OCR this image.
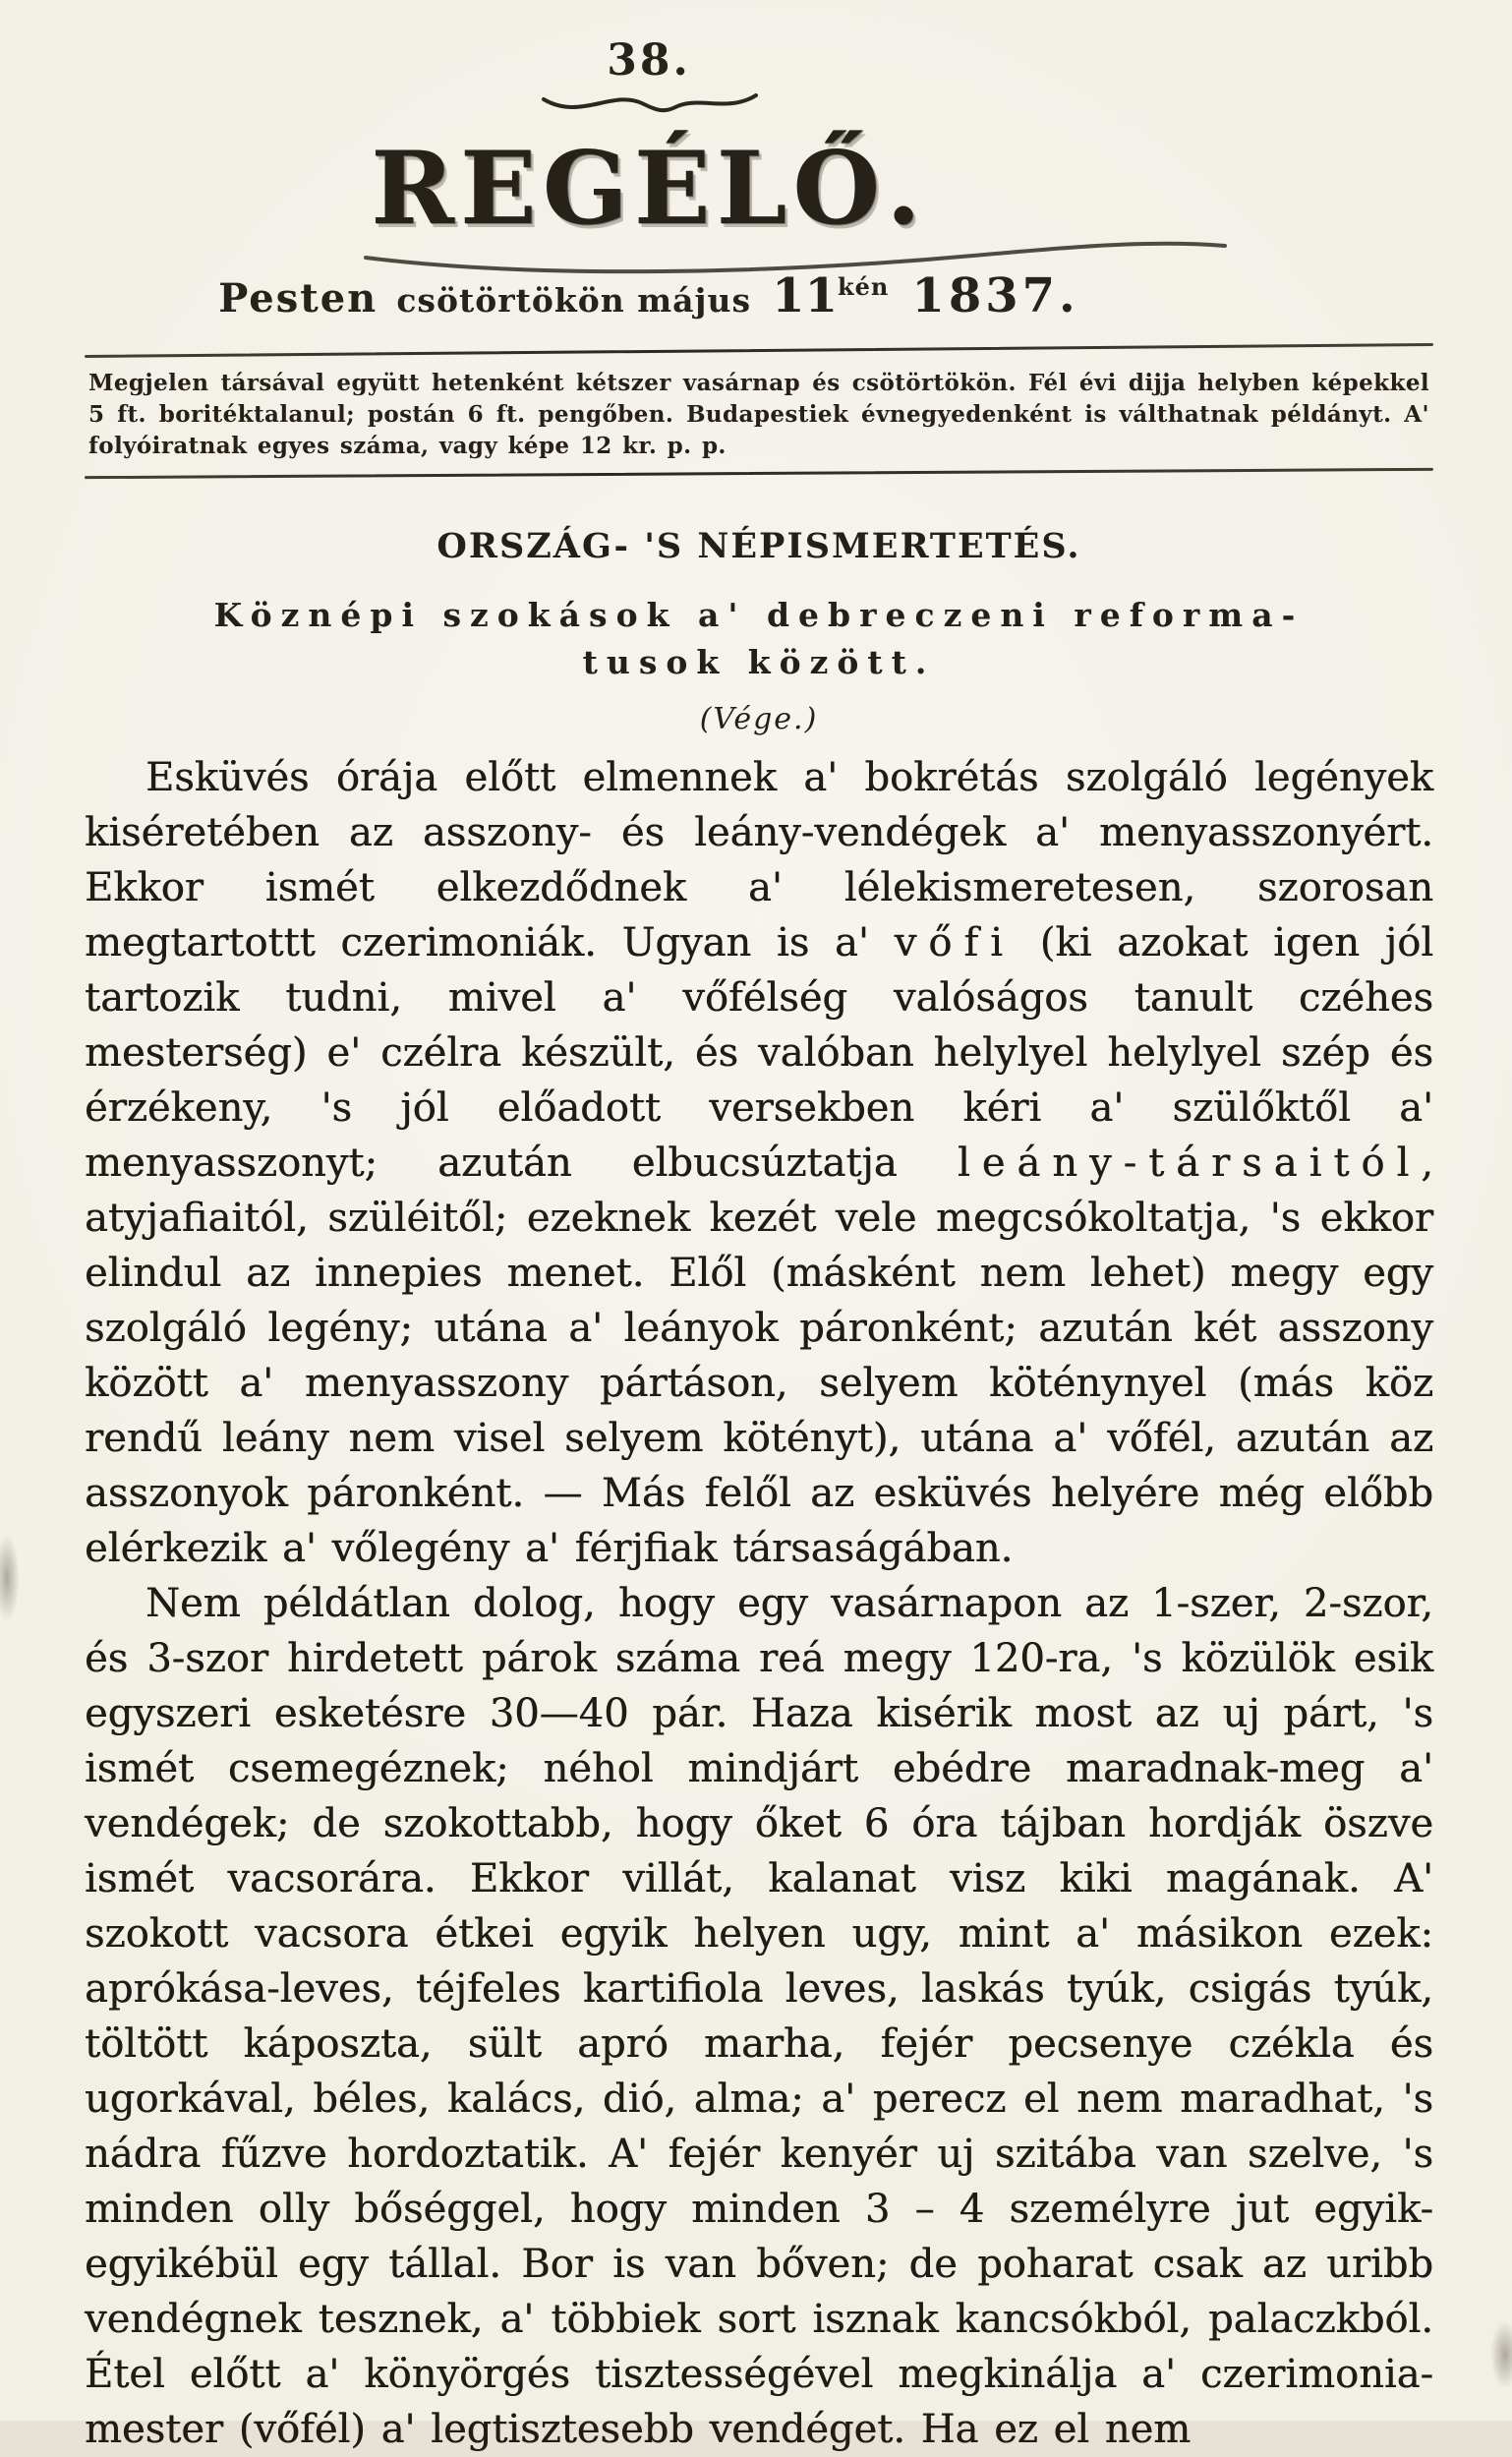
38.
REGÉLŐ.
Pesten csötörtökön május $11^{kén}$ 1837.

Megjelen társával együtt hetenként kétszer vasárnap és csötörtökön. Fél évi dijja helyben képekkel 5 ft. boritéktalanul; postán 6 ft. pengőben. Budapestiek évnegyedenként is válthatnak példányt. A' folyóiratnak egyes száma, vagy képe 12 kr. p. p.

ORSZÁG- 'S NÉPISMERTETÉS.
Köznépi szokások a' debreczeni reforma-
tusok között.
(Vége.)

Esküvés órája előtt elmennek a' bokrétás szolgáló legények kiséretében az asszony- és leány-vendégek a' menyasszonyért. Ekkor ismét elkezdődnek a' lélekismeretesen, szorosan megtartottt czerimoniák. Ugyan is a' vőfi (ki azokat igen jól tartozik tudni, mivel a' vőfélség valóságos tanult czéhes mesterség) e' czélra készült, és valóban helylyel helylyel szép és érzékeny, 's jól előadott versekben kéri a' szülőktől a' menyasszonyt; azután elbucsúztatja leány-társaitól, atyjafiaitól, szüléitől; ezeknek kezét vele megcsókoltatja, 's ekkor elindul az innepies menet. Elől (másként nem lehet) megy egy szolgáló legény; utána a' leányok páronként; azután két asszony között a' menyasszony pártáson, selyem köténynyel (más köz rendű leány nem visel selyem kötényt), utána a' vőfél, azután az asszonyok páronként. — Más felől az esküvés helyére még előbb elérkezik a' vőlegény a' férjfiak társaságában.

Nem példátlan dolog, hogy egy vasárnapon az 1-szer, 2-szor, és 3-szor hirdetett párok száma reá megy 120-ra, 's közülök esik egyszeri esketésre 30—40 pár. Haza kisérik most az uj párt, 's ismét csemegéznek; néhol mindjárt ebédre maradnak-meg a' vendégek; de szokottabb, hogy őket 6 óra tájban hordják öszve ismét vacsorára. Ekkor villát, kalanat visz kiki magának. A' szokott vacsora étkei egyik helyen ugy, mint a' másikon ezek: aprókása-leves, téjfeles kartifiola leves, laskás tyúk, csigás tyúk, töltött káposzta, sült apró marha, fejér pecsenye czékla és ugorkával, béles, kalács, dió, alma; a' perecz el nem maradhat, 's nádra fűzve hordoztatik. A' fejér kenyér uj szitába van szelve, 's minden olly bőséggel, hogy minden 3 – 4 személyre jut egyik-egyikébül egy tállal. Bor is van bőven; de poharat csak az uribb vendégnek tesznek, a' többiek sort isznak kancsókból, palaczkból. Étel előtt a' könyörgés tisztességével megkinálja a' czerimonia-mester (vőfél) a' legtisztesebb vendéget. Ha ez el nem
